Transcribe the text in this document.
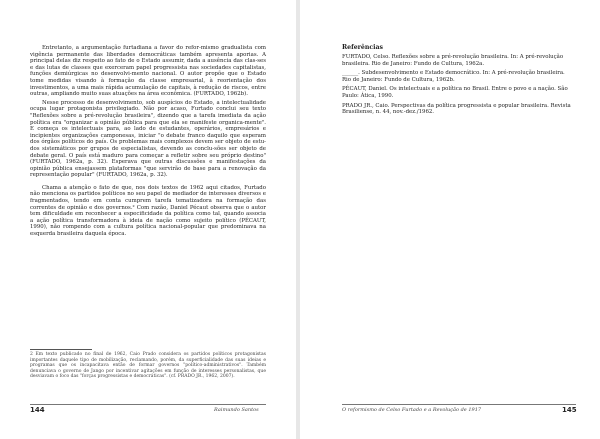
Entretanto, a argumentação furtadiana a favor do refor-mismo gradualista com vigência permanente das liberdades democráticas também apresenta aporias. A principal delas diz respeito ao fato de o Estado assumir, dada a ausência das clas-ses e das lutas de classes que exerceram papel progressista nas sociedades capitalistas, funções demiúrgicas no desenvolvi-mento nacional. O autor propõe que o Estado tome medidas visando à formação da classe empresarial, à reorientação dos investimentos, a uma mais rápida acumulação de capitais, à redução de riscos, entre outras, ampliando muito suas atuações na área econômica. (FURTADO, 1962b).

Nesse processo de desenvolvimento, sob auspícios do Estado, a intelectualidade ocupa lugar protagonista privilegiado. Não por acaso, Furtado conclui seu texto "Reflexões sobre a pré-revolução brasileira", dizendo que a tarefa imediata da ação política era "organizar a opinião pública para que ela se manifeste organica-mente". E começa os intelectuais para, ao lado de estudantes, operários, empresários e incipientes organizações camponesas, iniciar "o debate franco daquilo que esperam dos órgãos políticos do país. Os problemas mais complexos devem ser objeto de estu-dos sistemáticos por grupos de especialistas, devendo as conclu-sões ser objeto de debate geral. O país está maduro para começar a refletir sobre seu próprio destino" (FURTADO, 1962a, p. 32). Esperava que outras discussões e manifestações da opinião pública ensejassem plataformas "que servirão de base para a renovação da representação popular" (FURTADO, 1962a, p. 32).

Chama a atenção o fato de que, nos dois textos de 1962 aqui citados, Furtado não menciona os partidos políticos no seu papel de mediador de interesses diversos e fragmentados, tendo em conta cumprem tarefa tematizadora na formação das correntes de opinião e dos governos.² Com razão, Daniel Pécaut observa que o autor tem dificuldade em reconhecer a especificidade da política como tal, quando associa a ação política transformadora à ideia de nação como sujeito político (PÉCAUT, 1990), não rompendo com a cultura política nacional-popular que predominava na esquerda brasileira daquela época.

2 Em texto publicado no final de 1962, Caio Prado considera os partidos políticos protagonistas importantes daquele tipo de mobilização, reclamando, porém, da superficialidade das suas ideias e programas que os incapacitava então de formar governos "político-administrativos". Também denunciava o governo de Jango por incentivar agitações em função de interesses personalistas, que desviavam o foco das "forças progressistas e democráticas". (cf. PRADO JR., 1962, 2007).
144	Raimundo Santos
Referências

FURTADO, Celso. Reflexões sobre a pré-revolução brasileira. In: A pré-revolução brasileira. Rio de Janeiro: Fundo de Cultura, 1962a.

______. Subdesenvolvimento e Estado democrático. In: A pré-revolução brasileira. Rio de Janeiro: Fundo de Cultura, 1962b.

PÉCAUT, Daniel. Os intelectuais e a política no Brasil. Entre o povo e a nação. São Paulo: Ática, 1990.

PRADO JR., Caio. Perspectivas da política progressista e popular brasileira. Revista Brasiliense, n. 44, nov.-dez./1962.

O reformismo de Celso Furtado e a Revolução de 1917	145
